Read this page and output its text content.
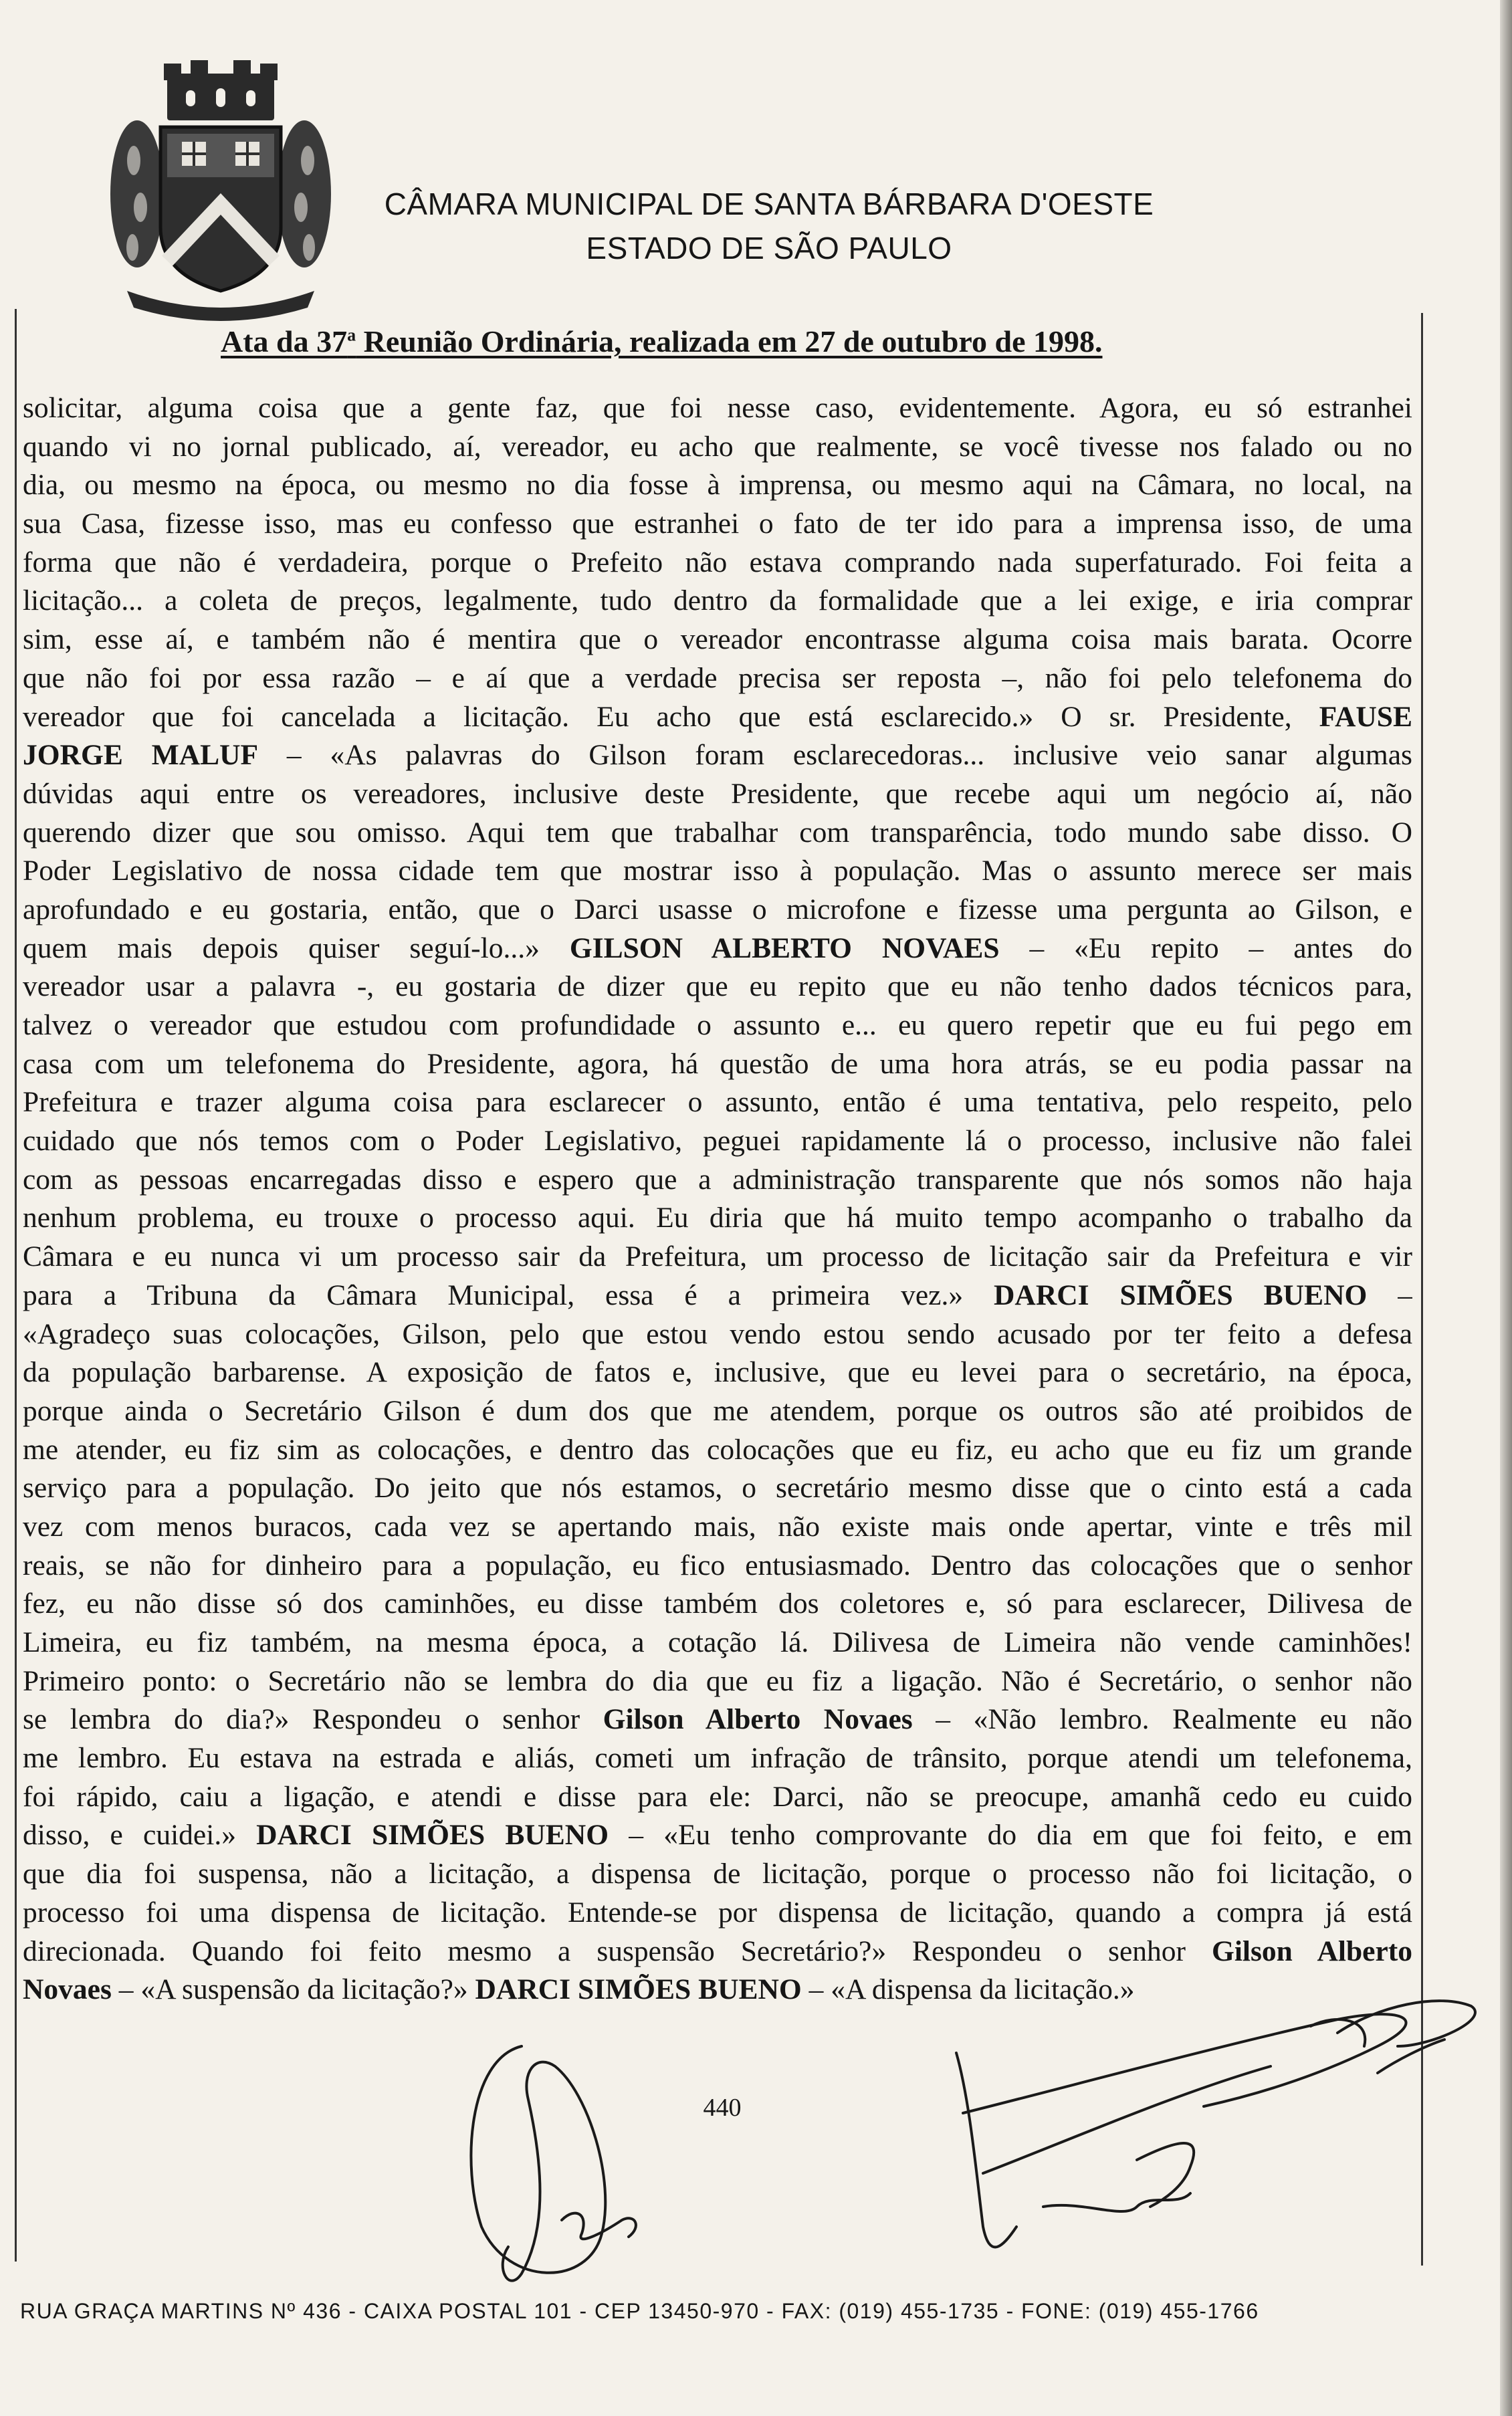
CÂMARA MUNICIPAL DE SANTA BÁRBARA D'OESTE
ESTADO DE SÃO PAULO
Ata da 37$^a$ Reunião Ordinária, realizada em 27 de outubro de 1998.
solicitar, alguma coisa que a gente faz, que foi nesse caso, evidentemente. Agora, eu só estranhei
quando vi no jornal publicado, aí, vereador, eu acho que realmente, se você tivesse nos falado ou no
dia, ou mesmo na época, ou mesmo no dia fosse à imprensa, ou mesmo aqui na Câmara, no local, na
sua Casa, fizesse isso, mas eu confesso que estranhei o fato de ter ido para a imprensa isso, de uma
forma que não é verdadeira, porque o Prefeito não estava comprando nada superfaturado. Foi feita a
licitação... a coleta de preços, legalmente, tudo dentro da formalidade que a lei exige, e iria comprar
sim, esse aí, e também não é mentira que o vereador encontrasse alguma coisa mais barata. Ocorre
que não foi por essa razão – e aí que a verdade precisa ser reposta –, não foi pelo telefonema do
vereador que foi cancelada a licitação. Eu acho que está esclarecido.» O sr. Presidente, FAUSE
JORGE MALUF – «As palavras do Gilson foram esclarecedoras... inclusive veio sanar algumas
dúvidas aqui entre os vereadores, inclusive deste Presidente, que recebe aqui um negócio aí, não
querendo dizer que sou omisso. Aqui tem que trabalhar com transparência, todo mundo sabe disso. O
Poder Legislativo de nossa cidade tem que mostrar isso à população. Mas o assunto merece ser mais
aprofundado e eu gostaria, então, que o Darci usasse o microfone e fizesse uma pergunta ao Gilson, e
quem mais depois quiser seguí-lo...» GILSON ALBERTO NOVAES – «Eu repito – antes do
vereador usar a palavra -, eu gostaria de dizer que eu repito que eu não tenho dados técnicos para,
talvez o vereador que estudou com profundidade o assunto e... eu quero repetir que eu fui pego em
casa com um telefonema do Presidente, agora, há questão de uma hora atrás, se eu podia passar na
Prefeitura e trazer alguma coisa para esclarecer o assunto, então é uma tentativa, pelo respeito, pelo
cuidado que nós temos com o Poder Legislativo, peguei rapidamente lá o processo, inclusive não falei
com as pessoas encarregadas disso e espero que a administração transparente que nós somos não haja
nenhum problema, eu trouxe o processo aqui. Eu diria que há muito tempo acompanho o trabalho da
Câmara e eu nunca vi um processo sair da Prefeitura, um processo de licitação sair da Prefeitura e vir
para a Tribuna da Câmara Municipal, essa é a primeira vez.» DARCI SIMÕES BUENO –
«Agradeço suas colocações, Gilson, pelo que estou vendo estou sendo acusado por ter feito a defesa
da população barbarense. A exposição de fatos e, inclusive, que eu levei para o secretário, na época,
porque ainda o Secretário Gilson é dum dos que me atendem, porque os outros são até proibidos de
me atender, eu fiz sim as colocações, e dentro das colocações que eu fiz, eu acho que eu fiz um grande
serviço para a população. Do jeito que nós estamos, o secretário mesmo disse que o cinto está a cada
vez com menos buracos, cada vez se apertando mais, não existe mais onde apertar, vinte e três mil
reais, se não for dinheiro para a população, eu fico entusiasmado. Dentro das colocações que o senhor
fez, eu não disse só dos caminhões, eu disse também dos coletores e, só para esclarecer, Dilivesa de
Limeira, eu fiz também, na mesma época, a cotação lá. Dilivesa de Limeira não vende caminhões!
Primeiro ponto: o Secretário não se lembra do dia que eu fiz a ligação. Não é Secretário, o senhor não
se lembra do dia?» Respondeu o senhor Gilson Alberto Novaes – «Não lembro. Realmente eu não
me lembro. Eu estava na estrada e aliás, cometi um infração de trânsito, porque atendi um telefonema,
foi rápido, caiu a ligação, e atendi e disse para ele: Darci, não se preocupe, amanhã cedo eu cuido
disso, e cuidei.» DARCI SIMÕES BUENO – «Eu tenho comprovante do dia em que foi feito, e em
que dia foi suspensa, não a licitação, a dispensa de licitação, porque o processo não foi licitação, o
processo foi uma dispensa de licitação. Entende-se por dispensa de licitação, quando a compra já está
direcionada. Quando foi feito mesmo a suspensão Secretário?» Respondeu o senhor Gilson Alberto
Novaes – «A suspensão da licitação?» DARCI SIMÕES BUENO – «A dispensa da licitação.»
440
RUA GRAÇA MARTINS Nº 436 - CAIXA POSTAL 101 - CEP 13450-970 - FAX: (019) 455-1735 - FONE: (019) 455-1766
